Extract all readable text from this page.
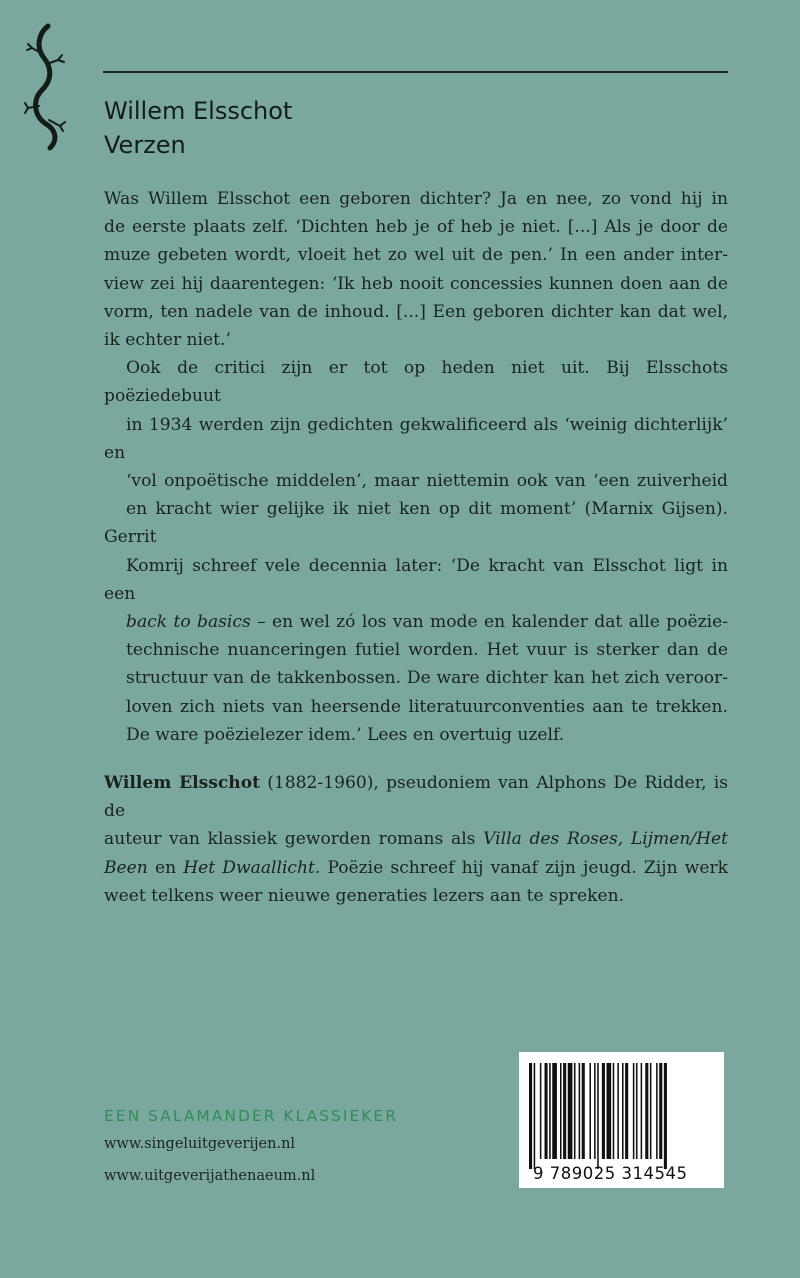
Willem Elsschot
Verzen

Was Willem Elsschot een geboren dichter? Ja en nee, zo vond hij in
de eerste plaats zelf. ‘Dichten heb je of heb je niet. [...] Als je door de
muze gebeten wordt, vloeit het zo wel uit de pen.’ In een ander inter-
view zei hij daarentegen: ‘Ik heb nooit concessies kunnen doen aan de
vorm, ten nadele van de inhoud. [...] Een geboren dichter kan dat wel,
ik echter niet.’

Ook de critici zijn er tot op heden niet uit. Bij Elsschots poëziedebuut
in 1934 werden zijn gedichten gekwalificeerd als ‘weinig dichterlijk’ en
‘vol onpoëtische middelen’, maar niettemin ook van ‘een zuiverheid
en kracht wier gelijke ik niet ken op dit moment’ (Marnix Gijsen). Gerrit
Komrij schreef vele decennia later: ‘De kracht van Elsschot ligt in een
back to basics – en wel zó los van mode en kalender dat alle poëzie-
technische nuanceringen futiel worden. Het vuur is sterker dan de
structuur van de takkenbossen. De ware dichter kan het zich veroor-
loven zich niets van heersende literatuurconventies aan te trekken.
De ware poëzielezer idem.’ Lees en overtuig uzelf.

Willem Elsschot (1882-1960), pseudoniem van Alphons De Ridder, is de
auteur van klassiek geworden romans als Villa des Roses, Lijmen/Het
Been en Het Dwaallicht. Poëzie schreef hij vanaf zijn jeugd. Zijn werk
weet telkens weer nieuwe generaties lezers aan te spreken.

EEN SALAMANDER KLASSIEKER
www.singeluitgeverijen.nl
www.uitgeverijathenaeum.nl	9 789025 314545
